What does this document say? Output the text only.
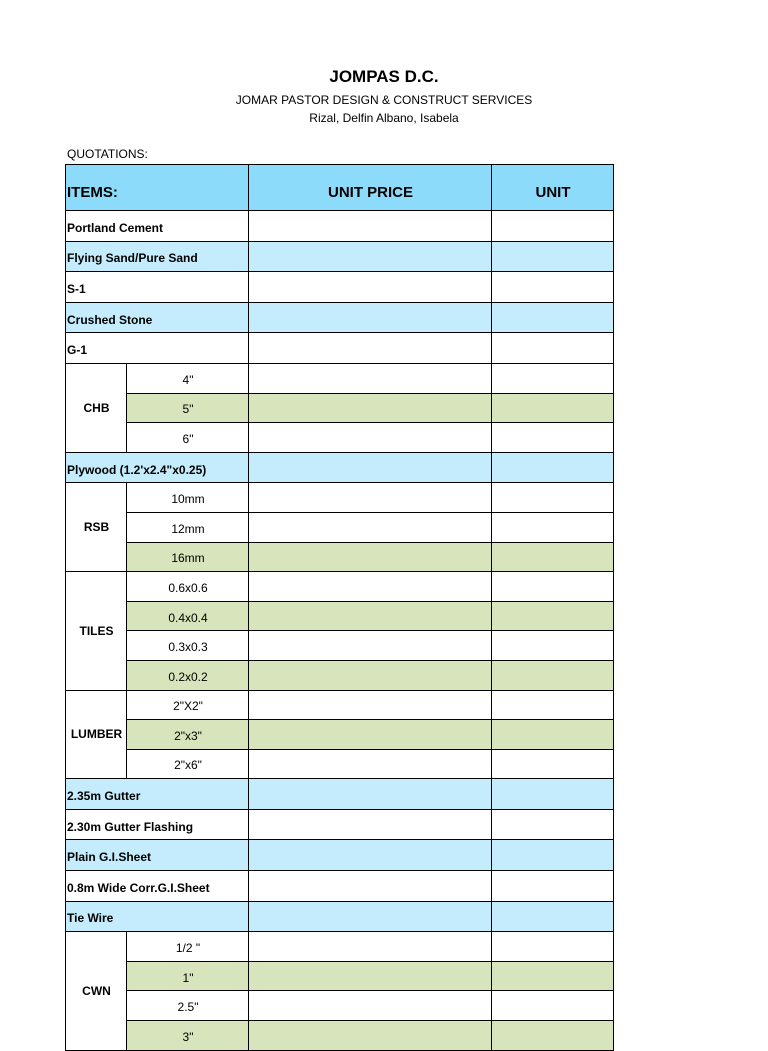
JOMPAS D.C.
JOMAR PASTOR DESIGN & CONSTRUCT SERVICES
Rizal, Delfin Albano, Isabela
QUOTATIONS:
ITEMS:		UNIT PRICE	UNIT
Portland Cement			
Flying Sand/Pure Sand			
S-1			
Crushed Stone			
G-1			
CHB	4"		
	5"		
	6"		
Plywood (1.2'x2.4"x0.25)			
RSB	10mm		
	12mm		
	16mm		
TILES	0.6x0.6		
	0.4x0.4		
	0.3x0.3		
	0.2x0.2		
LUMBER	2"X2"		
	2"x3"		
	2"x6"		
2.35m Gutter			
2.30m Gutter Flashing			
Plain G.I.Sheet			
0.8m Wide Corr.G.I.Sheet			
Tie Wire			
CWN	1/2 "		
	1"		
	2.5"		
	3"		
